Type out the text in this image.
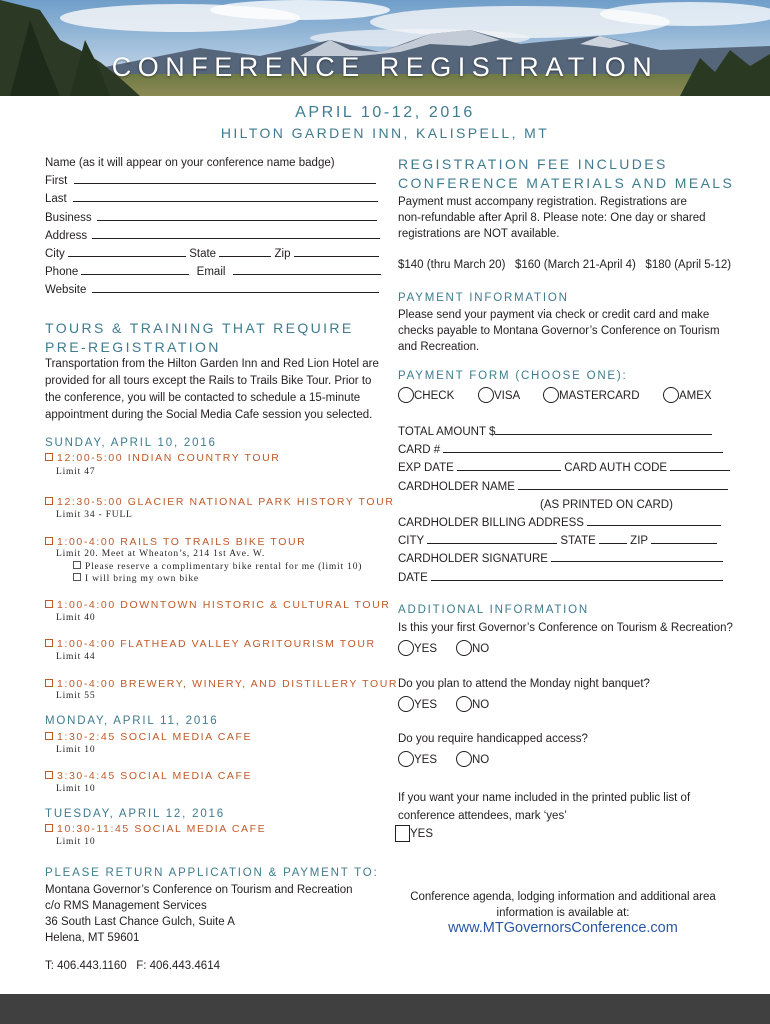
CONFERENCE REGISTRATION
APRIL 10-12, 2016
HILTON GARDEN INN, KALISPELL, MT
Name (as it will appear on your conference name badge)
First
Last
Business
Address
City	State	Zip
Phone	Email
Website
TOURS & TRAINING THAT REQUIRE
PRE-REGISTRATION
Transportation from the Hilton Garden Inn and Red Lion Hotel are
provided for all tours except the Rails to Trails Bike Tour. Prior to
the conference, you will be contacted to schedule a 15-minute
appointment during the Social Media Cafe session you selected.
SUNDAY, APRIL 10, 2016
12:00-5:00 INDIAN COUNTRY TOUR
Limit 47
12:30-5:00 GLACIER NATIONAL PARK HISTORY TOUR
Limit 34 - FULL
1:00-4:00 RAILS TO TRAILS BIKE TOUR
Limit 20. Meet at Wheaton’s, 214 1st Ave. W.
Please reserve a complimentary bike rental for me (limit 10)
I will bring my own bike
1:00-4:00 DOWNTOWN HISTORIC & CULTURAL TOUR
Limit 40
1:00-4:00 FLATHEAD VALLEY AGRITOURISM TOUR
Limit 44
1:00-4:00 BREWERY, WINERY, AND DISTILLERY TOUR
Limit 55
MONDAY, APRIL 11, 2016
1:30-2:45 SOCIAL MEDIA CAFE
Limit 10
3:30-4:45 SOCIAL MEDIA CAFE
Limit 10
TUESDAY, APRIL 12, 2016
10:30-11:45 SOCIAL MEDIA CAFE
Limit 10
PLEASE RETURN APPLICATION & PAYMENT TO:
Montana Governor’s Conference on Tourism and Recreation
c/o RMS Management Services
36 South Last Chance Gulch, Suite A
Helena, MT 59601
T: 406.443.1160   F: 406.443.4614
REGISTRATION FEE INCLUDES
CONFERENCE MATERIALS AND MEALS
Payment must accompany registration. Registrations are
non-refundable after April 8. Please note: One day or shared
registrations are NOT available.
$140 (thru March 20) $160 (March 21-April 4) $180 (April 5-12)
PAYMENT INFORMATION
Please send your payment via check or credit card and make
checks payable to Montana Governor’s Conference on Tourism
and Recreation.
PAYMENT FORM (CHOOSE ONE):
CHECK	VISA	MASTERCARD	AMEX
TOTAL AMOUNT $
CARD #
EXP DATE	CARD AUTH CODE
CARDHOLDER NAME
(AS PRINTED ON CARD)
CARDHOLDER BILLING ADDRESS
CITY	STATE	ZIP
CARDHOLDER SIGNATURE
DATE
ADDITIONAL INFORMATION
Is this your first Governor’s Conference on Tourism & Recreation?
YES	NO
Do you plan to attend the Monday night banquet?
YES	NO
Do you require handicapped access?
YES	NO
If you want your name included in the printed public list of
conference attendees, mark ‘yes’
YES
Conference agenda, lodging information and additional area
information is available at:
www.MTGovernorsConference.com
